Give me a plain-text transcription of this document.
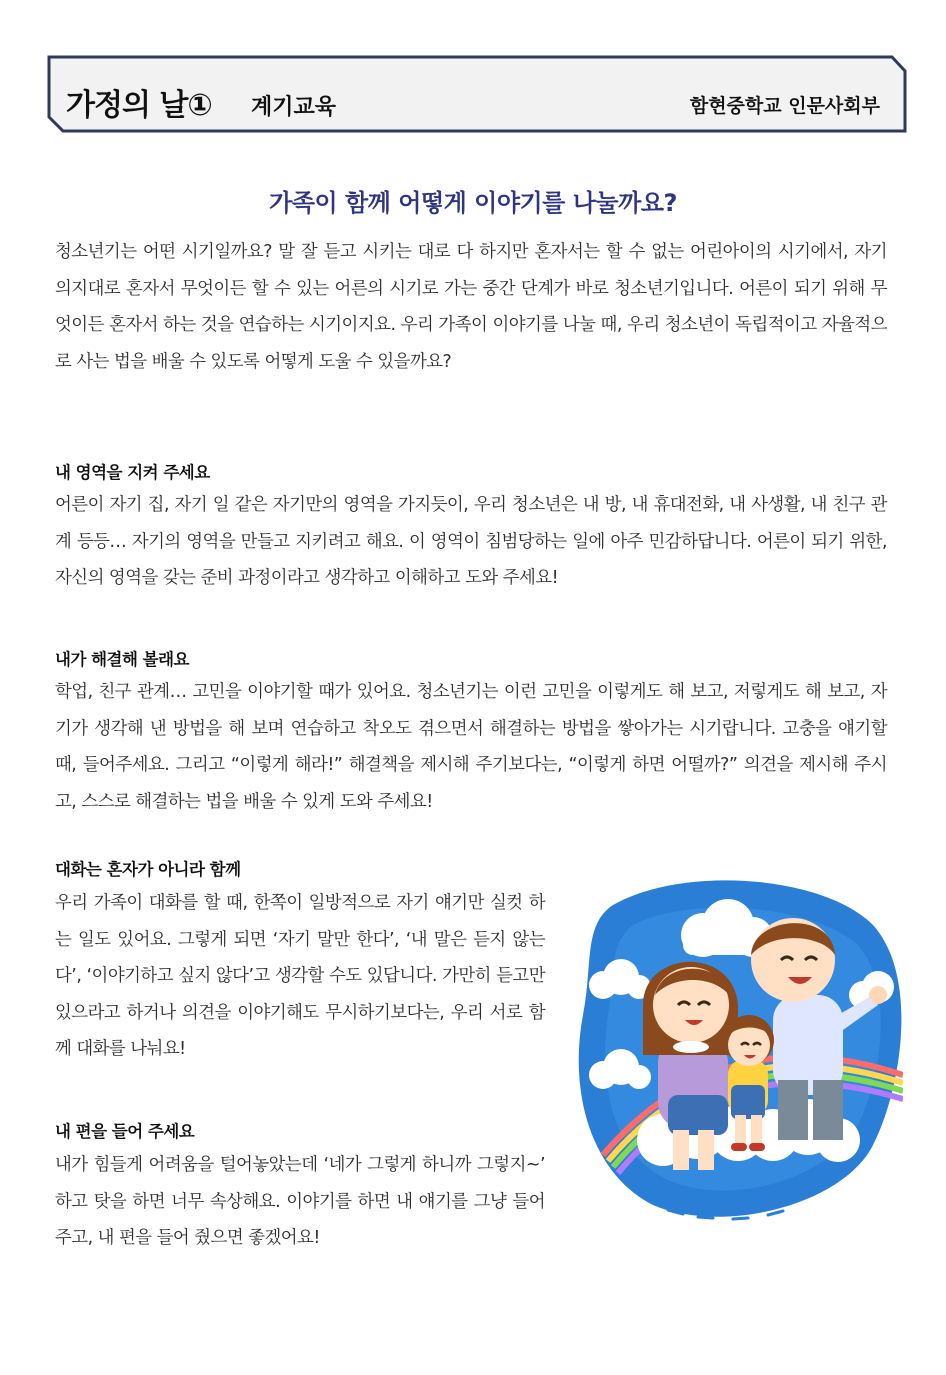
가정의 날① 계기교육	함현중학교 인문사회부
가족이 함께 어떻게 이야기를 나눌까요?
청소년기는 어떤 시기일까요? 말 잘 듣고 시키는 대로 다 하지만 혼자서는 할 수 없는 어린아이의 시기에서, 자기 의지대로 혼자서 무엇이든 할 수 있는 어른의 시기로 가는 중간 단계가 바로 청소년기입니다. 어른이 되기 위해 무엇이든 혼자서 하는 것을 연습하는 시기이지요. 우리 가족이 이야기를 나눌 때, 우리 청소년이 독립적이고 자율적으로 사는 법을 배울 수 있도록 어떻게 도울 수 있을까요?
내 영역을 지켜 주세요
어른이 자기 집, 자기 일 같은 자기만의 영역을 가지듯이, 우리 청소년은 내 방, 내 휴대전화, 내 사생활, 내 친구 관계 등등… 자기의 영역을 만들고 지키려고 해요. 이 영역이 침범당하는 일에 아주 민감하답니다. 어른이 되기 위한, 자신의 영역을 갖는 준비 과정이라고 생각하고 이해하고 도와 주세요!
내가 해결해 볼래요
학업, 친구 관계… 고민을 이야기할 때가 있어요. 청소년기는 이런 고민을 이렇게도 해 보고, 저렇게도 해 보고, 자기가 생각해 낸 방법을 해 보며 연습하고 착오도 겪으면서 해결하는 방법을 쌓아가는 시기랍니다. 고충을 얘기할 때, 들어주세요. 그리고 “이렇게 해라!” 해결책을 제시해 주기보다는, “이렇게 하면 어떨까?” 의견을 제시해 주시고, 스스로 해결하는 법을 배울 수 있게 도와 주세요!
대화는 혼자가 아니라 함께
우리 가족이 대화를 할 때, 한쪽이 일방적으로 자기 얘기만 실컷 하는 일도 있어요. 그렇게 되면 ‘자기 말만 한다’, ‘내 말은 듣지 않는다’, ‘이야기하고 싶지 않다’고 생각할 수도 있답니다. 가만히 듣고만 있으라고 하거나 의견을 이야기해도 무시하기보다는, 우리 서로 함께 대화를 나눠요!
내 편을 들어 주세요
내가 힘들게 어려움을 털어놓았는데 ‘네가 그렇게 하니까 그렇지~’ 하고 탓을 하면 너무 속상해요. 이야기를 하면 내 얘기를 그냥 들어주고, 내 편을 들어 줬으면 좋겠어요!
